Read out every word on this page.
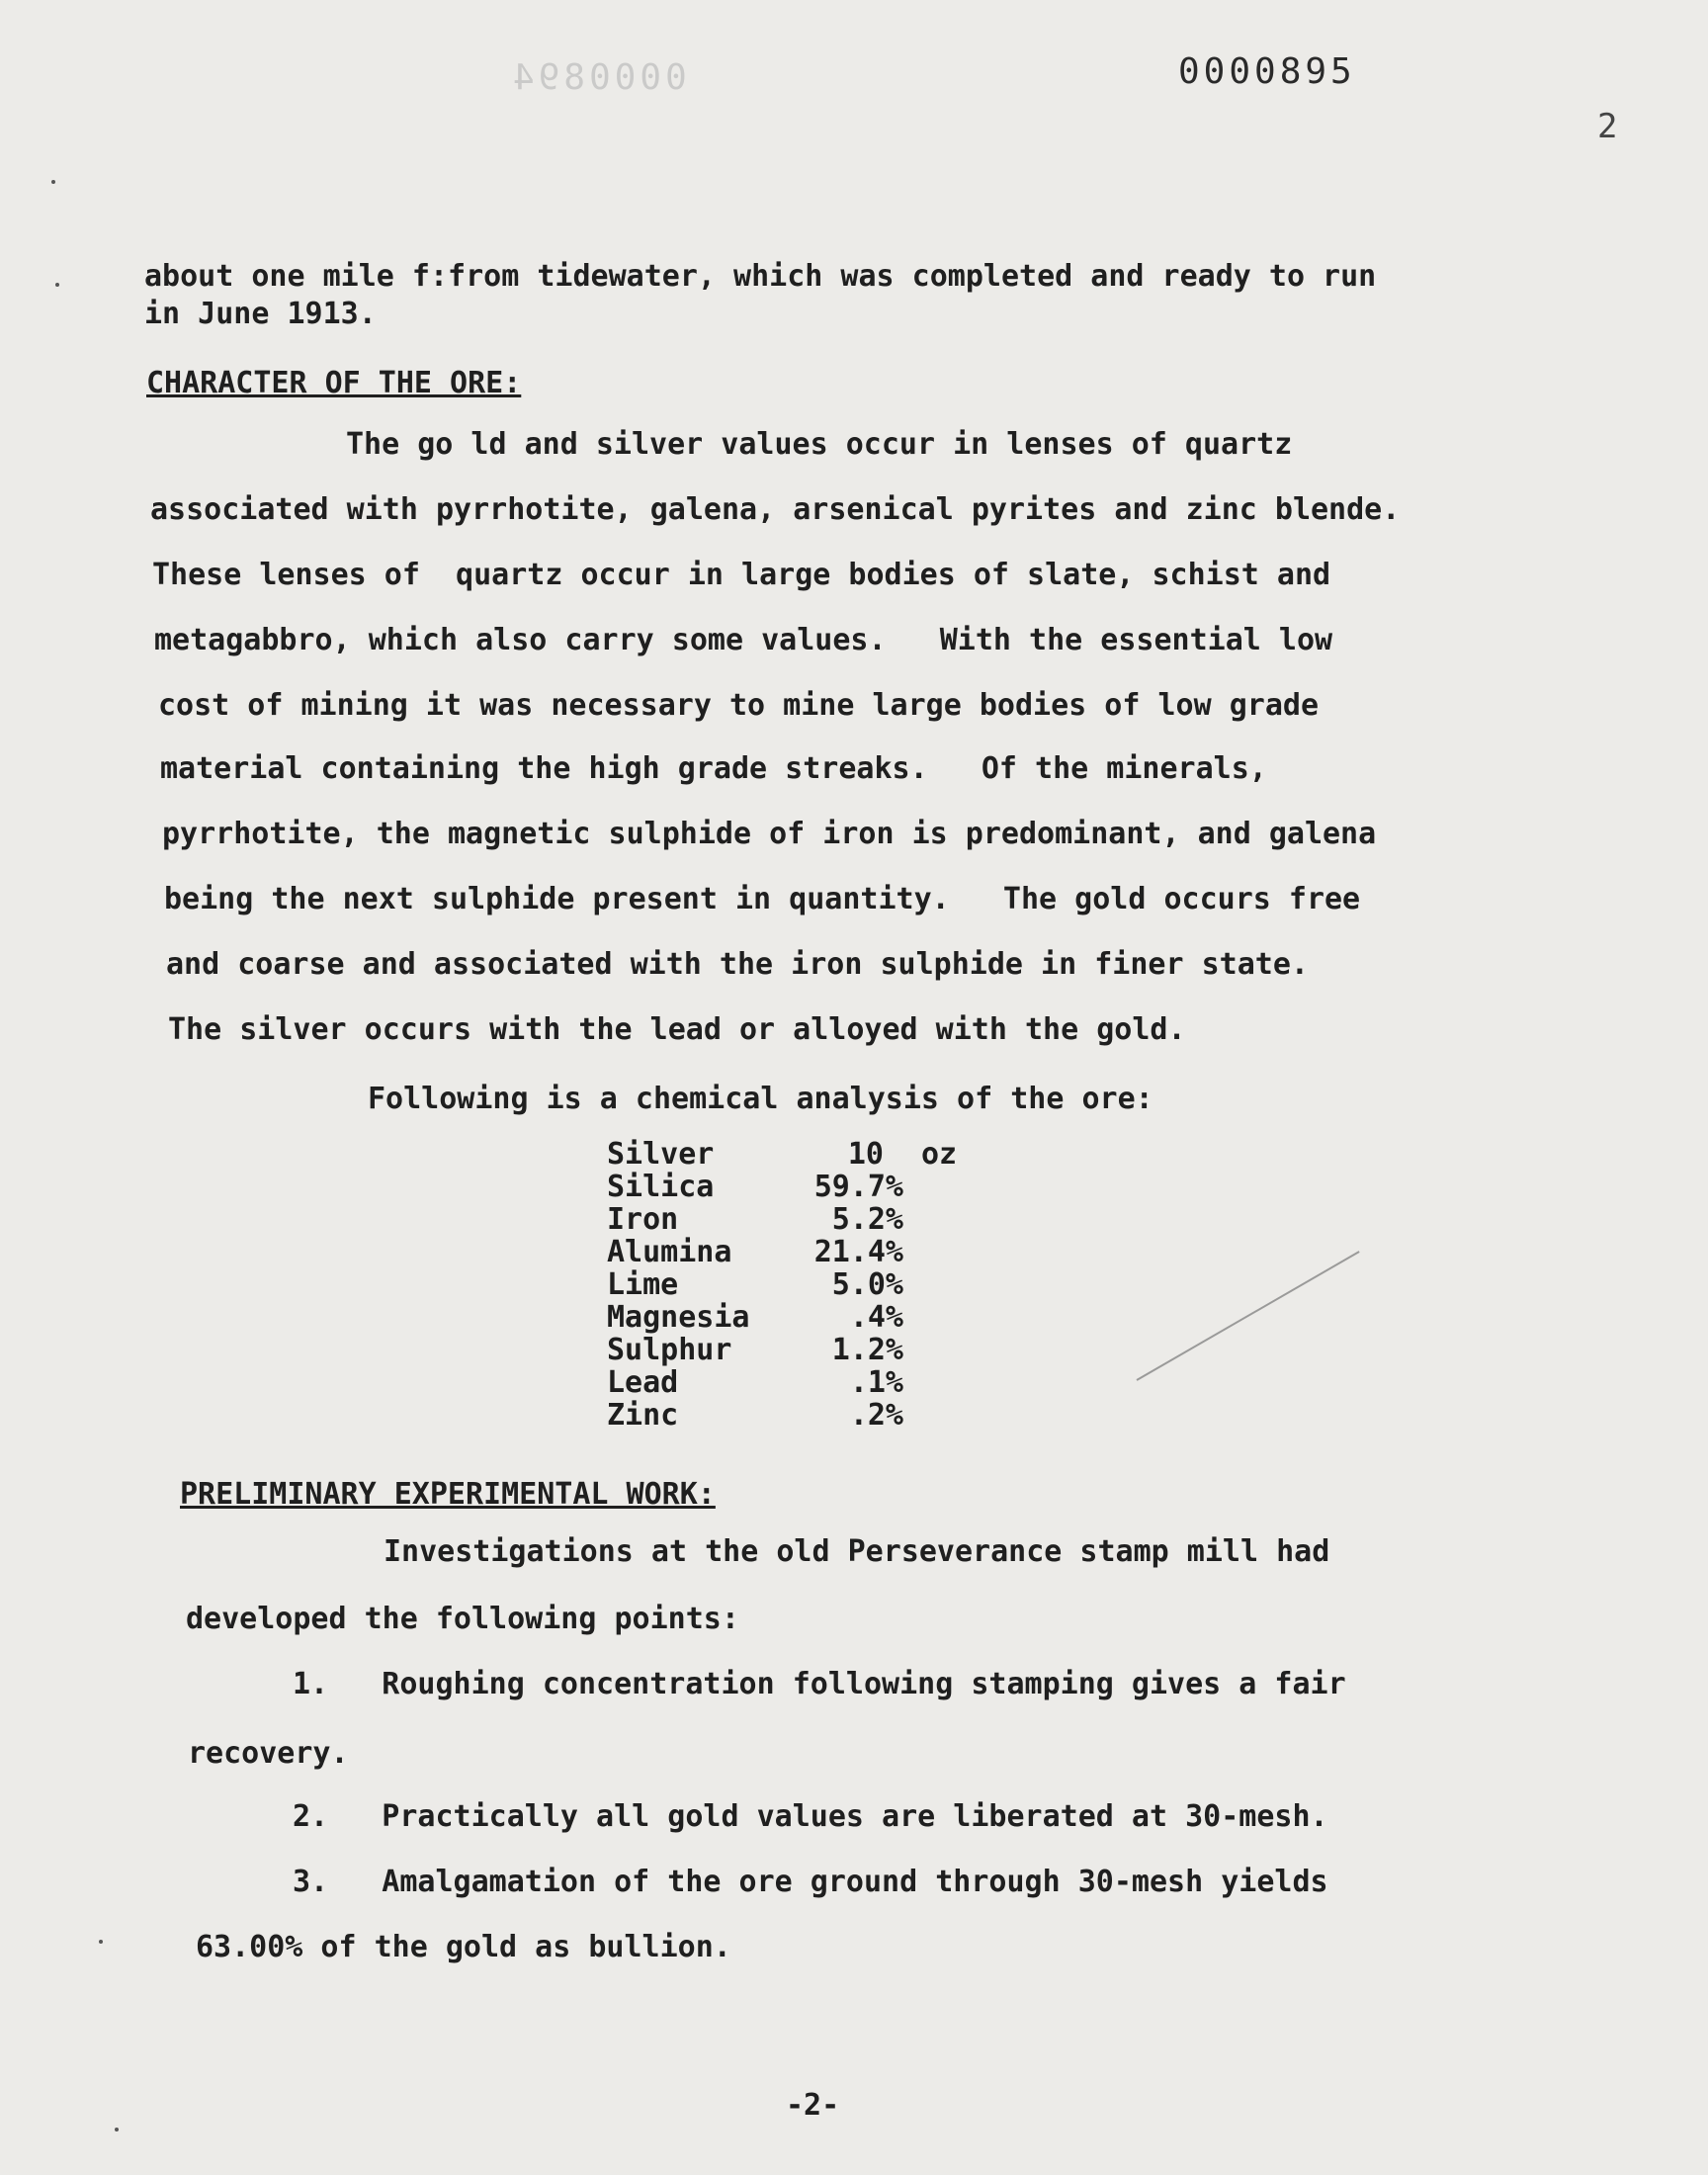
0000894	0000895
2
about one mile f:from tidewater, which was completed and ready to run
in June 1913.
CHARACTER OF THE ORE:
The go ld and silver values occur in lenses of quartz
associated with pyrrhotite, galena, arsenical pyrites and zinc blende.
These lenses of  quartz occur in large bodies of slate, schist and
metagabbro, which also carry some values.   With the essential low
cost of mining it was necessary to mine large bodies of low grade
material containing the high grade streaks.   Of the minerals,
pyrrhotite, the magnetic sulphide of iron is predominant, and galena
being the next sulphide present in quantity.   The gold occurs free
and coarse and associated with the iron sulphide in finer state.
The silver occurs with the lead or alloyed with the gold.
Following is a chemical analysis of the ore:
Silver	10 oz
Silica	59.7%
Iron	5.2%
Alumina	21.4%
Lime	5.0%
Magnesia	.4%
Sulphur	1.2%
Lead	.1%
Zinc	.2%
PRELIMINARY EXPERIMENTAL WORK:
Investigations at the old Perseverance stamp mill had
developed the following points:
1.   Roughing concentration following stamping gives a fair
recovery.
2.   Practically all gold values are liberated at 30-mesh.
3.   Amalgamation of the ore ground through 30-mesh yields
63.00% of the gold as bullion.
-2-
